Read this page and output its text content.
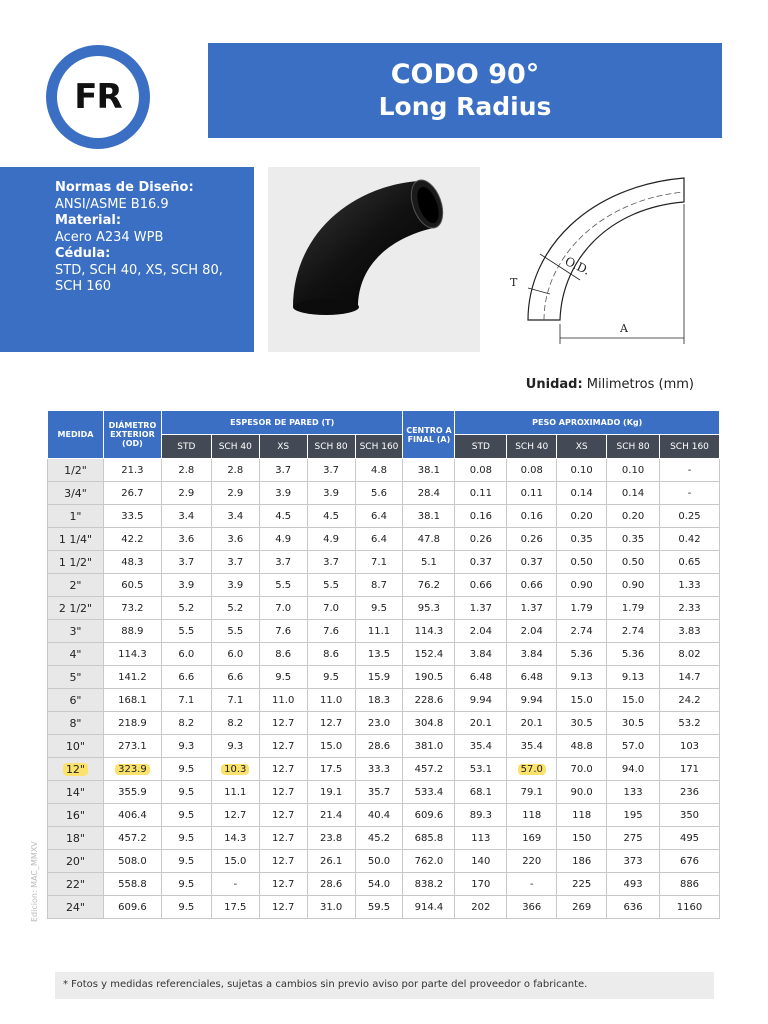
FR
CODO 90°
Long Radius
Normas de Diseño:
ANSI/ASME B16.9
Material:
Acero A234 WPB
Cédula:
STD, SCH 40, XS, SCH 80, SCH 160
O.D.
T
A
Unidad: Milimetros (mm)
MEDIDA	DIÁMETRO EXTERIOR (OD)	ESPESOR DE PARED (T)					CENTRO A FINAL (A)	PESO APROXIMADO (Kg)				
		STD	SCH 40	XS	SCH 80	SCH 160		STD	SCH 40	XS	SCH 80	SCH 160
1/2"	21.3	2.8	2.8	3.7	3.7	4.8	38.1	0.08	0.08	0.10	0.10	-
3/4"	26.7	2.9	2.9	3.9	3.9	5.6	28.4	0.11	0.11	0.14	0.14	-
1"	33.5	3.4	3.4	4.5	4.5	6.4	38.1	0.16	0.16	0.20	0.20	0.25
1 1/4"	42.2	3.6	3.6	4.9	4.9	6.4	47.8	0.26	0.26	0.35	0.35	0.42
1 1/2"	48.3	3.7	3.7	3.7	3.7	7.1	5.1	0.37	0.37	0.50	0.50	0.65
2"	60.5	3.9	3.9	5.5	5.5	8.7	76.2	0.66	0.66	0.90	0.90	1.33
2 1/2"	73.2	5.2	5.2	7.0	7.0	9.5	95.3	1.37	1.37	1.79	1.79	2.33
3"	88.9	5.5	5.5	7.6	7.6	11.1	114.3	2.04	2.04	2.74	2.74	3.83
4"	114.3	6.0	6.0	8.6	8.6	13.5	152.4	3.84	3.84	5.36	5.36	8.02
5"	141.2	6.6	6.6	9.5	9.5	15.9	190.5	6.48	6.48	9.13	9.13	14.7
6"	168.1	7.1	7.1	11.0	11.0	18.3	228.6	9.94	9.94	15.0	15.0	24.2
8"	218.9	8.2	8.2	12.7	12.7	23.0	304.8	20.1	20.1	30.5	30.5	53.2
10"	273.1	9.3	9.3	12.7	15.0	28.6	381.0	35.4	35.4	48.8	57.0	103
12"	323.9	9.5	10.3	12.7	17.5	33.3	457.2	53.1	57.0	70.0	94.0	171
14"	355.9	9.5	11.1	12.7	19.1	35.7	533.4	68.1	79.1	90.0	133	236
16"	406.4	9.5	12.7	12.7	21.4	40.4	609.6	89.3	118	118	195	350
18"	457.2	9.5	14.3	12.7	23.8	45.2	685.8	113	169	150	275	495
20"	508.0	9.5	15.0	12.7	26.1	50.0	762.0	140	220	186	373	676
22"	558.8	9.5	-	12.7	28.6	54.0	838.2	170	-	225	493	886
24"	609.6	9.5	17.5	12.7	31.0	59.5	914.4	202	366	269	636	1160
Edicion: MAC_MMXV
* Fotos y medidas referenciales, sujetas a cambios sin previo aviso por parte del proveedor o fabricante.
